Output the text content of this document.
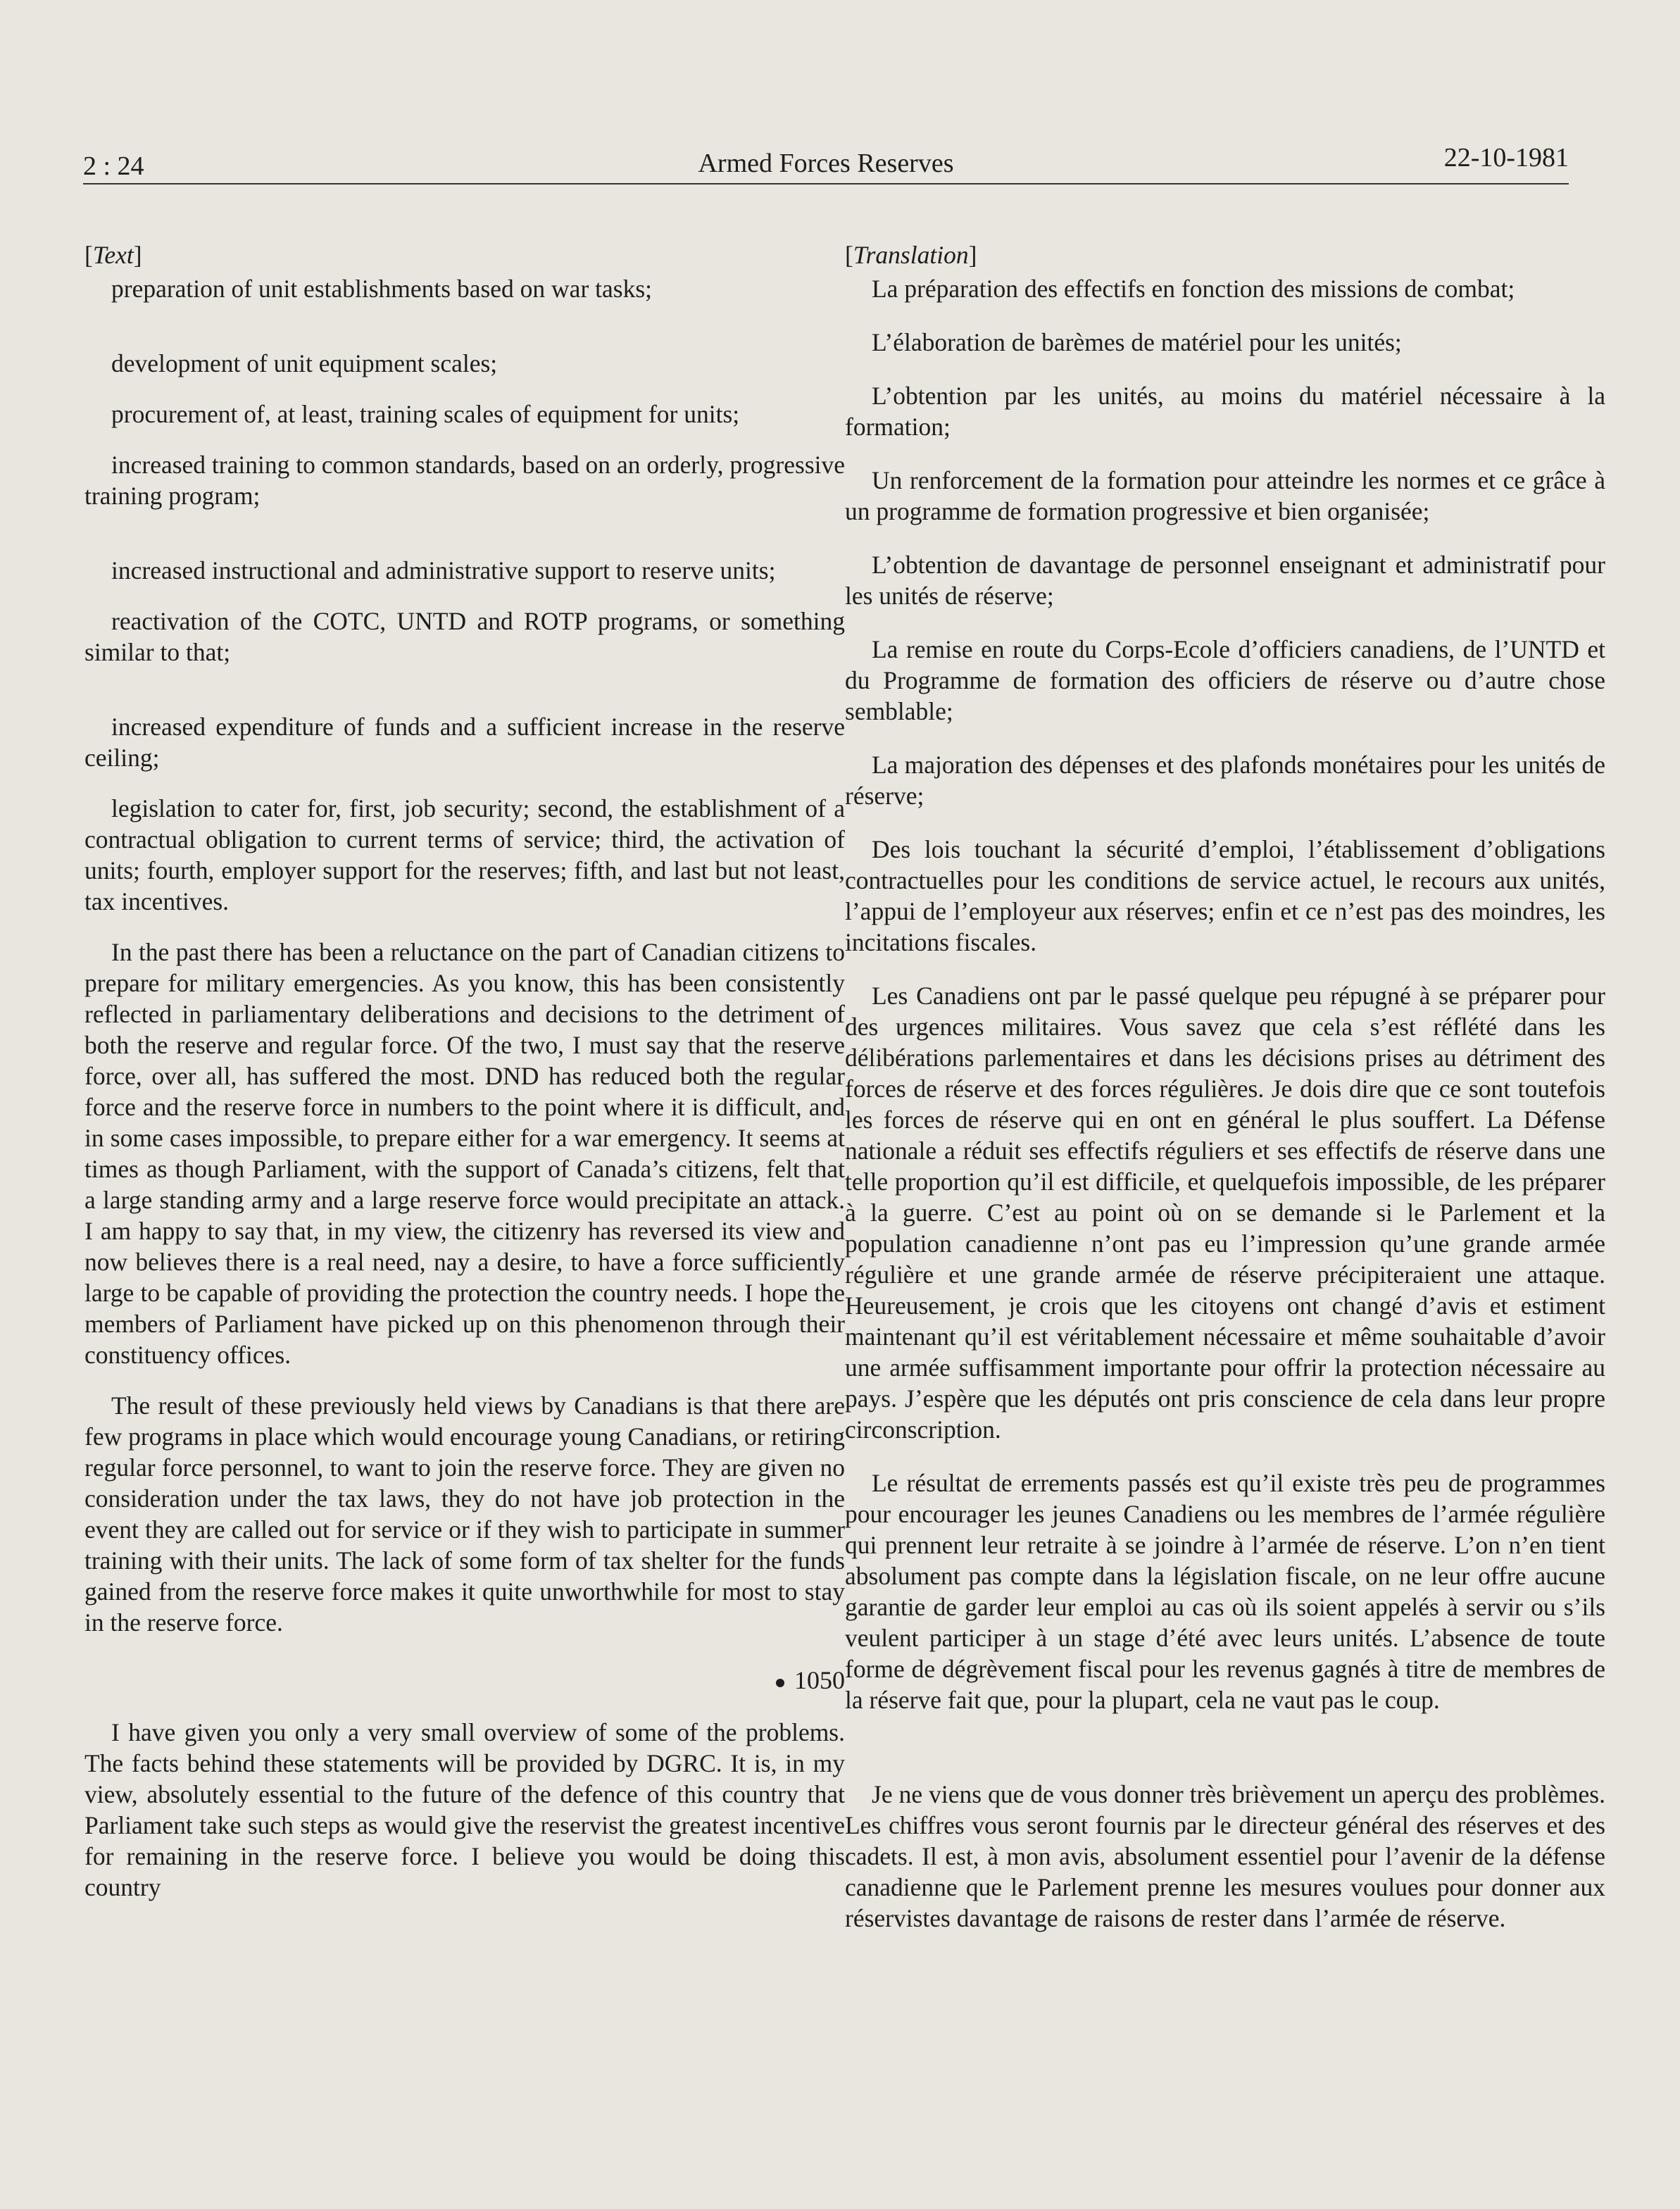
2 : 24	Armed Forces Reserves	22-10-1981
[Text]

preparation of unit establishments based on war tasks;

development of unit equipment scales;

procurement of, at least, training scales of equipment for units;

increased training to common standards, based on an orderly, progressive training program;

increased instructional and administrative support to reserve units;

reactivation of the COTC, UNTD and ROTP programs, or something similar to that;

increased expenditure of funds and a sufficient increase in the reserve ceiling;

legislation to cater for, first, job security; second, the establishment of a contractual obligation to current terms of service; third, the activation of units; fourth, employer support for the reserves; fifth, and last but not least, tax incentives.

In the past there has been a reluctance on the part of Canadian citizens to prepare for military emergencies. As you know, this has been consistently reflected in parliamentary deliberations and decisions to the detriment of both the reserve and regular force. Of the two, I must say that the reserve force, over all, has suffered the most. DND has reduced both the regular force and the reserve force in numbers to the point where it is difficult, and in some cases impossible, to prepare either for a war emergency. It seems at times as though Parliament, with the support of Canada’s citizens, felt that a large standing army and a large reserve force would precipitate an attack. I am happy to say that, in my view, the citizenry has reversed its view and now believes there is a real need, nay a desire, to have a force sufficiently large to be capable of providing the protection the country needs. I hope the members of Parliament have picked up on this phenomenon through their constituency offices.

The result of these previously held views by Canadians is that there are few programs in place which would encourage young Canadians, or retiring regular force personnel, to want to join the reserve force. They are given no consideration under the tax laws, they do not have job protection in the event they are called out for service or if they wish to participate in summer training with their units. The lack of some form of tax shelter for the funds gained from the reserve force makes it quite unworthwhile for most to stay in the reserve force.

1050

I have given you only a very small overview of some of the problems. The facts behind these statements will be provided by DGRC. It is, in my view, absolutely essential to the future of the defence of this country that Parliament take such steps as would give the reservist the greatest incentive for remaining in the reserve force. I believe you would be doing this country

[Translation]

La préparation des effectifs en fonction des missions de combat;

L’élaboration de barèmes de matériel pour les unités;

L’obtention par les unités, au moins du matériel nécessaire à la formation;

Un renforcement de la formation pour atteindre les normes et ce grâce à un programme de formation progressive et bien organisée;

L’obtention de davantage de personnel enseignant et administratif pour les unités de réserve;

La remise en route du Corps-Ecole d’officiers canadiens, de l’UNTD et du Programme de formation des officiers de réserve ou d’autre chose semblable;

La majoration des dépenses et des plafonds monétaires pour les unités de réserve;

Des lois touchant la sécurité d’emploi, l’établissement d’obligations contractuelles pour les conditions de service actuel, le recours aux unités, l’appui de l’employeur aux réserves; enfin et ce n’est pas des moindres, les incitations fiscales.

Les Canadiens ont par le passé quelque peu répugné à se préparer pour des urgences militaires. Vous savez que cela s’est réflété dans les délibérations parlementaires et dans les décisions prises au détriment des forces de réserve et des forces régulières. Je dois dire que ce sont toutefois les forces de réserve qui en ont en général le plus souffert. La Défense nationale a réduit ses effectifs réguliers et ses effectifs de réserve dans une telle proportion qu’il est difficile, et quelquefois impossible, de les préparer à la guerre. C’est au point où on se demande si le Parlement et la population canadienne n’ont pas eu l’impression qu’une grande armée régulière et une grande armée de réserve précipiteraient une attaque. Heureusement, je crois que les citoyens ont changé d’avis et estiment maintenant qu’il est véritablement nécessaire et même souhaitable d’avoir une armée suffisamment importante pour offrir la protection nécessaire au pays. J’espère que les députés ont pris conscience de cela dans leur propre circonscription.

Le résultat de errements passés est qu’il existe très peu de programmes pour encourager les jeunes Canadiens ou les membres de l’armée régulière qui prennent leur retraite à se joindre à l’armée de réserve. L’on n’en tient absolument pas compte dans la législation fiscale, on ne leur offre aucune garantie de garder leur emploi au cas où ils soient appelés à servir ou s’ils veulent participer à un stage d’été avec leurs unités. L’absence de toute forme de dégrèvement fiscal pour les revenus gagnés à titre de membres de la réserve fait que, pour la plupart, cela ne vaut pas le coup.

Je ne viens que de vous donner très brièvement un aperçu des problèmes. Les chiffres vous seront fournis par le directeur général des réserves et des cadets. Il est, à mon avis, absolument essentiel pour l’avenir de la défense canadienne que le Parlement prenne les mesures voulues pour donner aux réservistes davantage de raisons de rester dans l’armée de réserve.
